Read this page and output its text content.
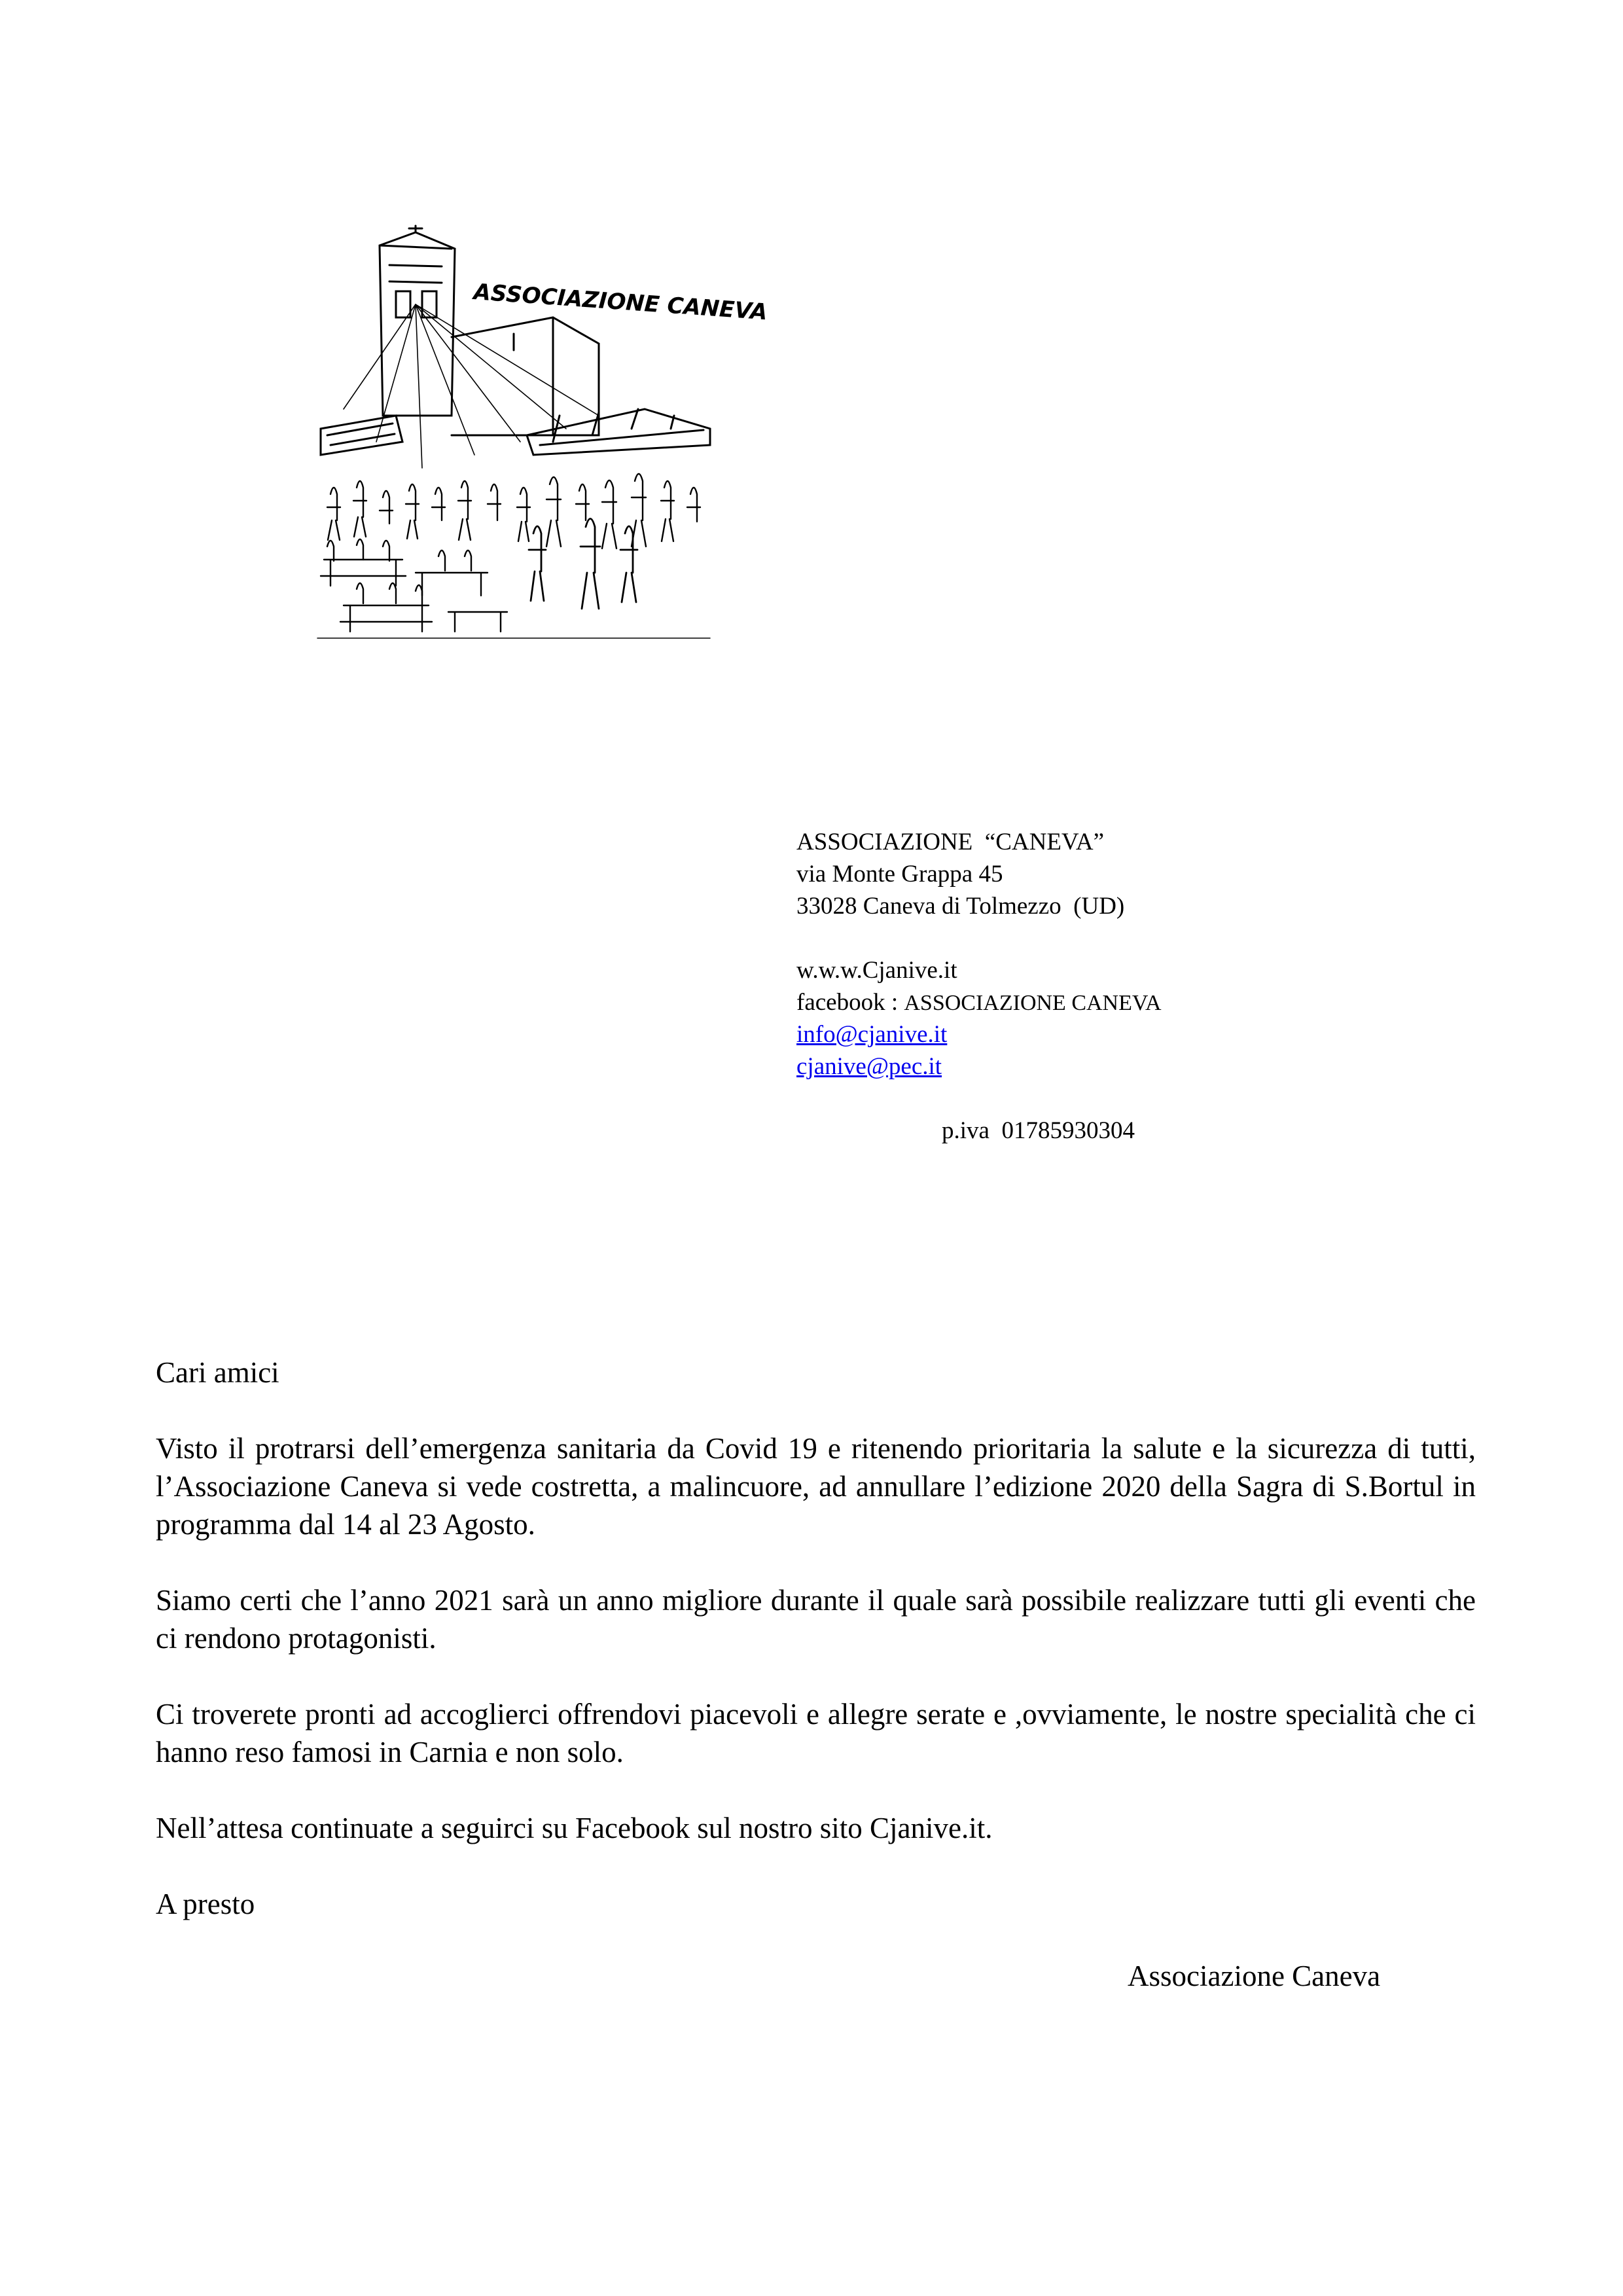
ASSOCIAZIONE CANEVA
ASSOCIAZIONE  “CANEVA”
via Monte Grappa 45
33028 Caneva di Tolmezzo  (UD)
w.w.w.Cjanive.it
facebook : ASSOCIAZIONE CANEVA
info@cjanive.it
cjanive@pec.it
p.iva  01785930304

Cari amici

Visto il protrarsi dell’emergenza sanitaria da Covid 19 e ritenendo prioritaria la salute e la sicurezza di tutti, l’Associazione Caneva si vede costretta, a malincuore, ad annullare l’edizione 2020 della Sagra di S.Bortul in programma dal 14 al 23 Agosto.

Siamo certi che l’anno 2021 sarà un anno migliore durante il quale sarà possibile realizzare tutti gli eventi che ci rendono protagonisti.

Ci troverete pronti ad accoglierci offrendovi piacevoli e allegre serate e ,ovviamente, le nostre specialità che ci hanno reso famosi in Carnia e non solo.

Nell’attesa continuate a seguirci su Facebook sul nostro sito Cjanive.it.

A presto

Associazione Caneva
